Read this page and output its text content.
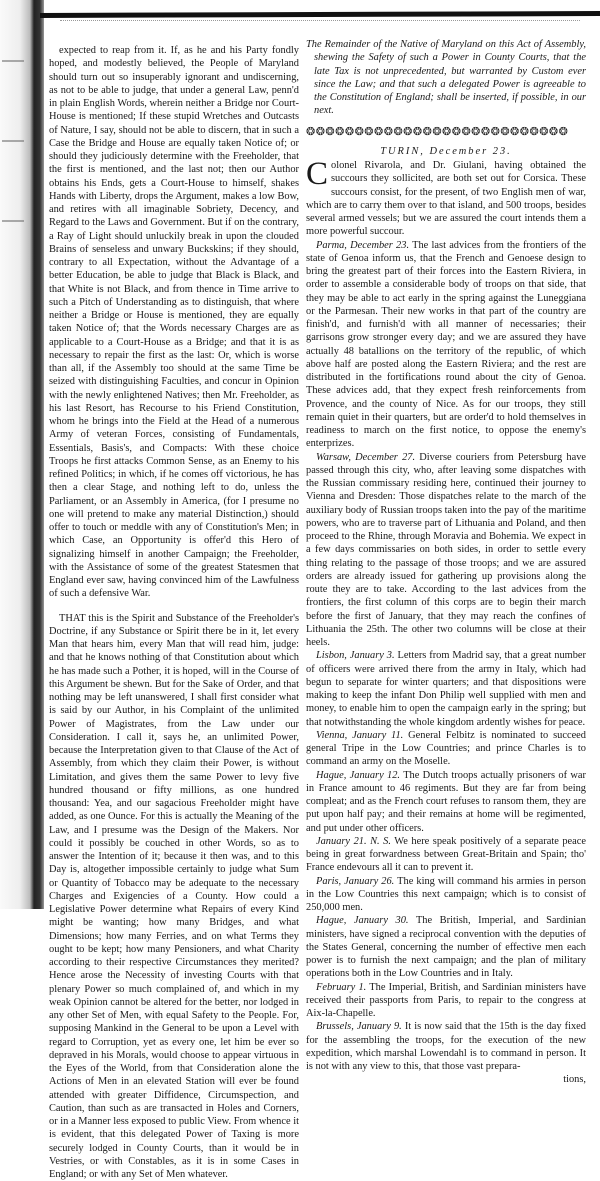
expected to reap from it. If, as he and his Party fondly hoped, and modestly believed, the People of Maryland should turn out so insuperably ignorant and undiscerning, as not to be able to judge, that under a general Law, penn'd in plain English Words, wherein neither a Bridge nor Court-House is mentioned; If these stupid Wretches and Outcasts of Nature, I say, should not be able to discern, that in such a Case the Bridge and House are equally taken Notice of; or should they judiciously determine with the Freeholder, that the first is mentioned, and the last not; then our Author obtains his Ends, gets a Court-House to himself, shakes Hands with Liberty, drops the Argument, makes a low Bow, and retires with all imaginable Sobriety, Decency, and Regard to the Laws and Government. But if on the contrary, a Ray of Light should unluckily break in upon the clouded Brains of senseless and unwary Buckskins; if they should, contrary to all Expectation, without the Advantage of a better Education, be able to judge that Black is Black, and that White is not Black, and from thence in Time arrive to such a Pitch of Understanding as to distinguish, that where neither a Bridge or House is mentioned, they are equally taken Notice of; that the Words necessary Charges are as applicable to a Court-House as a Bridge; and that it is as necessary to repair the first as the last: Or, which is worse than all, if the Assembly too should at the same Time be seized with distinguishing Faculties, and concur in Opinion with the newly enlightened Natives; then Mr. Freeholder, as his last Resort, has Recourse to his Friend Constitution, whom he brings into the Field at the Head of a numerous Army of veteran Forces, consisting of Fundamentals, Essentials, Basis's, and Compacts: With these choice Troops he first attacks Common Sense, as an Enemy to his refined Politics; in which, if he comes off victorious, he has then a clear Stage, and nothing left to do, unless the Parliament, or an Assembly in America, (for I presume no one will pretend to make any material Distinction,) should offer to touch or meddle with any of Constitution's Men; in which Case, an Opportunity is offer'd this Hero of signalizing himself in another Campaign; the Freeholder, with the Assistance of some of the greatest Statesmen that England ever saw, having convinced him of the Lawfulness of such a defensive War.

THAT this is the Spirit and Substance of the Freeholder's Doctrine, if any Substance or Spirit there be in it, let every Man that hears him, every Man that will read him, judge: and that he knows nothing of that Constitution about which he has made such a Pother, it is hoped, will in the Course of this Argument be shewn. But for the Sake of Order, and that nothing may be left unanswered, I shall first consider what is said by our Author, in his Complaint of the unlimited Power of Magistrates, from the Law under our Consideration. I call it, says he, an unlimited Power, because the Interpretation given to that Clause of the Act of Assembly, from which they claim their Power, is without Limitation, and gives them the same Power to levy five hundred thousand or fifty millions, as one hundred thousand: Yea, and our sagacious Freeholder might have added, as one Ounce. For this is actually the Meaning of the Law, and I presume was the Design of the Makers. Nor could it possibly be couched in other Words, so as to answer the Intention of it; because it then was, and to this Day is, altogether impossible certainly to judge what Sum or Quantity of Tobacco may be adequate to the necessary Charges and Exigencies of a County. How could a Legislative Power determine what Repairs of every Kind might be wanting; how many Bridges, and what Dimensions; how many Ferries, and on what Terms they ought to be kept; how many Pensioners, and what Charity according to their respective Circumstances they merited? Hence arose the Necessity of investing Courts with that plenary Power so much complained of, and which in my weak Opinion cannot be altered for the better, nor lodged in any other Set of Men, with equal Safety to the People. For, supposing Mankind in the General to be upon a Level with regard to Corruption, yet as every one, let him be ever so depraved in his Morals, would choose to appear virtuous in the Eyes of the World, from that Consideration alone the Actions of Men in an elevated Station will ever be found attended with greater Diffidence, Circumspection, and Caution, than such as are transacted in Holes and Corners, or in a Manner less exposed to public View. From whence it is evident, that this delegated Power of Taxing is more securely lodged in County Courts, than it would be in Vestries, or with Constables, as it is in some Cases in England; or with any Set of Men whatever.

The Remainder of the Native of Maryland on this Act of Assembly, shewing the Safety of such a Power in County Courts, that the late Tax is not unprecedented, but warranted by Custom ever since the Law; and that such a delegated Power is agreeable to the Constitution of England; shall be inserted, if possible, in our next.

❂❂❂❂❂❂❂❂❂❂❂❂❂❂❂❂❂❂❂❂❂❂❂❂❂❂❂
TURIN, December 23.

Colonel Rivarola, and Dr. Giulani, having obtained the succours they sollicited, are both set out for Corsica. These succours consist, for the present, of two English men of war, which are to carry them over to that island, and 500 troops, besides several armed vessels; but we are assured the court intends them a more powerful succour.

Parma, December 23. The last advices from the frontiers of the state of Genoa inform us, that the French and Genoese design to bring the greatest part of their forces into the Eastern Riviera, in order to assemble a considerable body of troops on that side, that they may be able to act early in the spring against the Luneggiana or the Parmesan. Their new works in that part of the country are finish'd, and furnish'd with all manner of necessaries; their garrisons grow stronger every day; and we are assured they have actually 48 batallions on the territory of the republic, of which above half are posted along the Eastern Riviera; and the rest are distributed in the fortifications round about the city of Genoa. These advices add, that they expect fresh reinforcements from Provence, and the county of Nice. As for our troops, they still remain quiet in their quarters, but are order'd to hold themselves in readiness to march on the first notice, to oppose the enemy's enterprizes.

Warsaw, December 27. Diverse couriers from Petersburg have passed through this city, who, after leaving some dispatches with the Russian commissary residing here, continued their journey to Vienna and Dresden: Those dispatches relate to the march of the auxiliary body of Russian troops taken into the pay of the maritime powers, who are to traverse part of Lithuania and Poland, and then proceed to the Rhine, through Moravia and Bohemia. We expect in a few days commissaries on both sides, in order to settle every thing relating to the passage of those troops; and we are assured orders are already issued for gathering up provisions along the route they are to take. According to the last advices from the frontiers, the first column of this corps are to begin their march before the first of January, that they may reach the confines of Lithuania the 25th. The other two columns will be close at their heels.

Lisbon, January 3. Letters from Madrid say, that a great number of officers were arrived there from the army in Italy, which had begun to separate for winter quarters; and that dispositions were making to keep the infant Don Philip well supplied with men and money, to enable him to open the campaign early in the spring; but that notwithstanding the whole kingdom ardently wishes for peace.

Vienna, January 11. General Felbitz is nominated to succeed general Tripe in the Low Countries; and prince Charles is to command an army on the Moselle.

Hague, January 12. The Dutch troops actually prisoners of war in France amount to 46 regiments. But they are far from being compleat; and as the French court refuses to ransom them, they are put upon half pay; and their remains at home will be regimented, and put under other officers.

January 21. N. S. We here speak positively of a separate peace being in great forwardness between Great-Britain and Spain; tho' France endevours all it can to prevent it.

Paris, January 26. The king will command his armies in person in the Low Countries this next campaign; which is to consist of 250,000 men.

Hague, January 30. The British, Imperial, and Sardinian ministers, have signed a reciprocal convention with the deputies of the States General, concerning the number of effective men each power is to furnish the next campaign; and the plan of military operations both in the Low Countries and in Italy.

February 1. The Imperial, British, and Sardinian ministers have received their passports from Paris, to repair to the congress at Aix-la-Chapelle.

Brussels, January 9. It is now said that the 15th is the day fixed for the assembling the troops, for the execution of the new expedition, which marshal Lowendahl is to command in person. It is not with any view to this, that those vast prepara-

tions,
